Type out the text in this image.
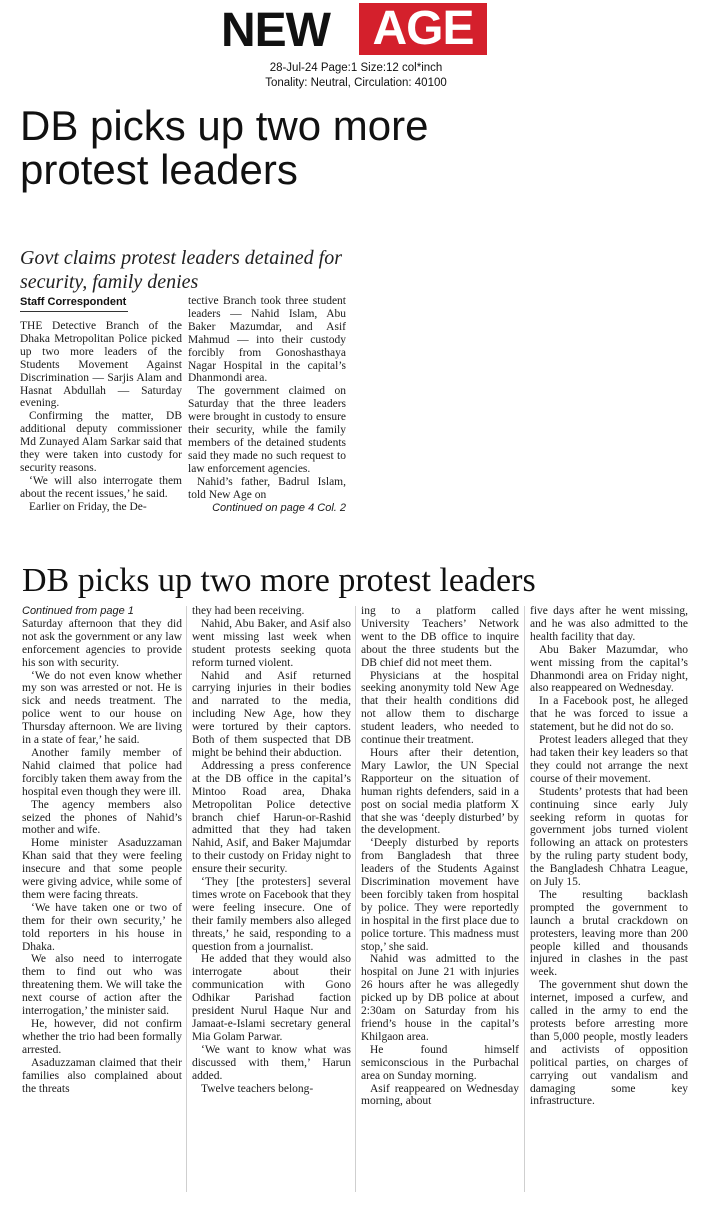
NEW AGE
28-Jul-24 Page:1 Size:12 col*inch
Tonality: Neutral, Circulation: 40100
DB picks up two more protest leaders
Govt claims protest leaders detained for security, family denies
Staff Correspondent

THE Detective Branch of the Dhaka Metropolitan Police picked up two more leaders of the Students Movement Against Discrimination — Sarjis Alam and Hasnat Abdullah — Saturday evening.

Confirming the matter, DB additional deputy commissioner Md Zunayed Alam Sarkar said that they were taken into custody for security reasons.

‘We will also interrogate them about the recent issues,’ he said.

Earlier on Friday, the De-

tective Branch took three student leaders — Nahid Islam, Abu Baker Mazumdar, and Asif Mahmud — into their custody forcibly from Gonoshasthaya Nagar Hospital in the capital’s Dhanmondi area.

The government claimed on Saturday that the three leaders were brought in custody to ensure their security, while the family members of the detained students said they made no such request to law enforcement agencies.

Nahid’s father, Badrul Islam, told New Age on

Continued on page 4 Col. 2
DB picks up two more protest leaders

Continued from page 1

Saturday afternoon that they did not ask the government or any law enforcement agencies to provide his son with security.

‘We do not even know whether my son was arrested or not. He is sick and needs treatment. The police went to our house on Thursday afternoon. We are living in a state of fear,’ he said.

Another family member of Nahid claimed that police had forcibly taken them away from the hospital even though they were ill.

The agency members also seized the phones of Nahid’s mother and wife.

Home minister Asaduzzaman Khan said that they were feeling insecure and that some people were giving advice, while some of them were facing threats.

‘We have taken one or two of them for their own security,’ he told reporters in his house in Dhaka.

We also need to interrogate them to find out who was threatening them. We will take the next course of action after the interrogation,’ the minister said.

He, however, did not confirm whether the trio had been formally arrested.

Asaduzzaman claimed that their families also complained about the threats

they had been receiving.

Nahid, Abu Baker, and Asif also went missing last week when student protests seeking quota reform turned violent.

Nahid and Asif returned carrying injuries in their bodies and narrated to the media, including New Age, how they were tortured by their captors. Both of them suspected that DB might be behind their abduction.

Addressing a press conference at the DB office in the capital’s Mintoo Road area, Dhaka Metropolitan Police detective branch chief Harun-or-Rashid admitted that they had taken Nahid, Asif, and Baker Majumdar to their custody on Friday night to ensure their security.

‘They [the protesters] several times wrote on Facebook that they were feeling insecure. One of their family members also alleged threats,’ he said, responding to a question from a journalist.

He added that they would also interrogate about their communication with Gono Odhikar Parishad faction president Nurul Haque Nur and Jamaat-e-Islami secretary general Mia Golam Parwar.

‘We want to know what was discussed with them,’ Harun added.

Twelve teachers belong-

ing to a platform called University Teachers’ Network went to the DB office to inquire about the three students but the DB chief did not meet them.

Physicians at the hospital seeking anonymity told New Age that their health conditions did not allow them to discharge student leaders, who needed to continue their treatment.

Hours after their detention, Mary Lawlor, the UN Special Rapporteur on the situation of human rights defenders, said in a post on social media platform X that she was ‘deeply disturbed’ by the development.

‘Deeply disturbed by reports from Bangladesh that three leaders of the Students Against Discrimination movement have been forcibly taken from hospital by police. They were reportedly in hospital in the first place due to police torture. This madness must stop,’ she said.

Nahid was admitted to the hospital on June 21 with injuries 26 hours after he was allegedly picked up by DB police at about 2:30am on Saturday from his friend’s house in the capital’s Khilgaon area.

He found himself semiconscious in the Purbachal area on Sunday morning.

Asif reappeared on Wednesday morning, about

five days after he went missing, and he was also admitted to the health facility that day.

Abu Baker Mazumdar, who went missing from the capital’s Dhanmondi area on Friday night, also reappeared on Wednesday.

In a Facebook post, he alleged that he was forced to issue a statement, but he did not do so.

Protest leaders alleged that they had taken their key leaders so that they could not arrange the next course of their movement.

Students’ protests that had been continuing since early July seeking reform in quotas for government jobs turned violent following an attack on protesters by the ruling party student body, the Bangladesh Chhatra League, on July 15.

The resulting backlash prompted the government to launch a brutal crackdown on protesters, leaving more than 200 people killed and thousands injured in clashes in the past week.

The government shut down the internet, imposed a curfew, and called in the army to end the protests before arresting more than 5,000 people, mostly leaders and activists of opposition political parties, on charges of carrying out vandalism and damaging some key infrastructure.
